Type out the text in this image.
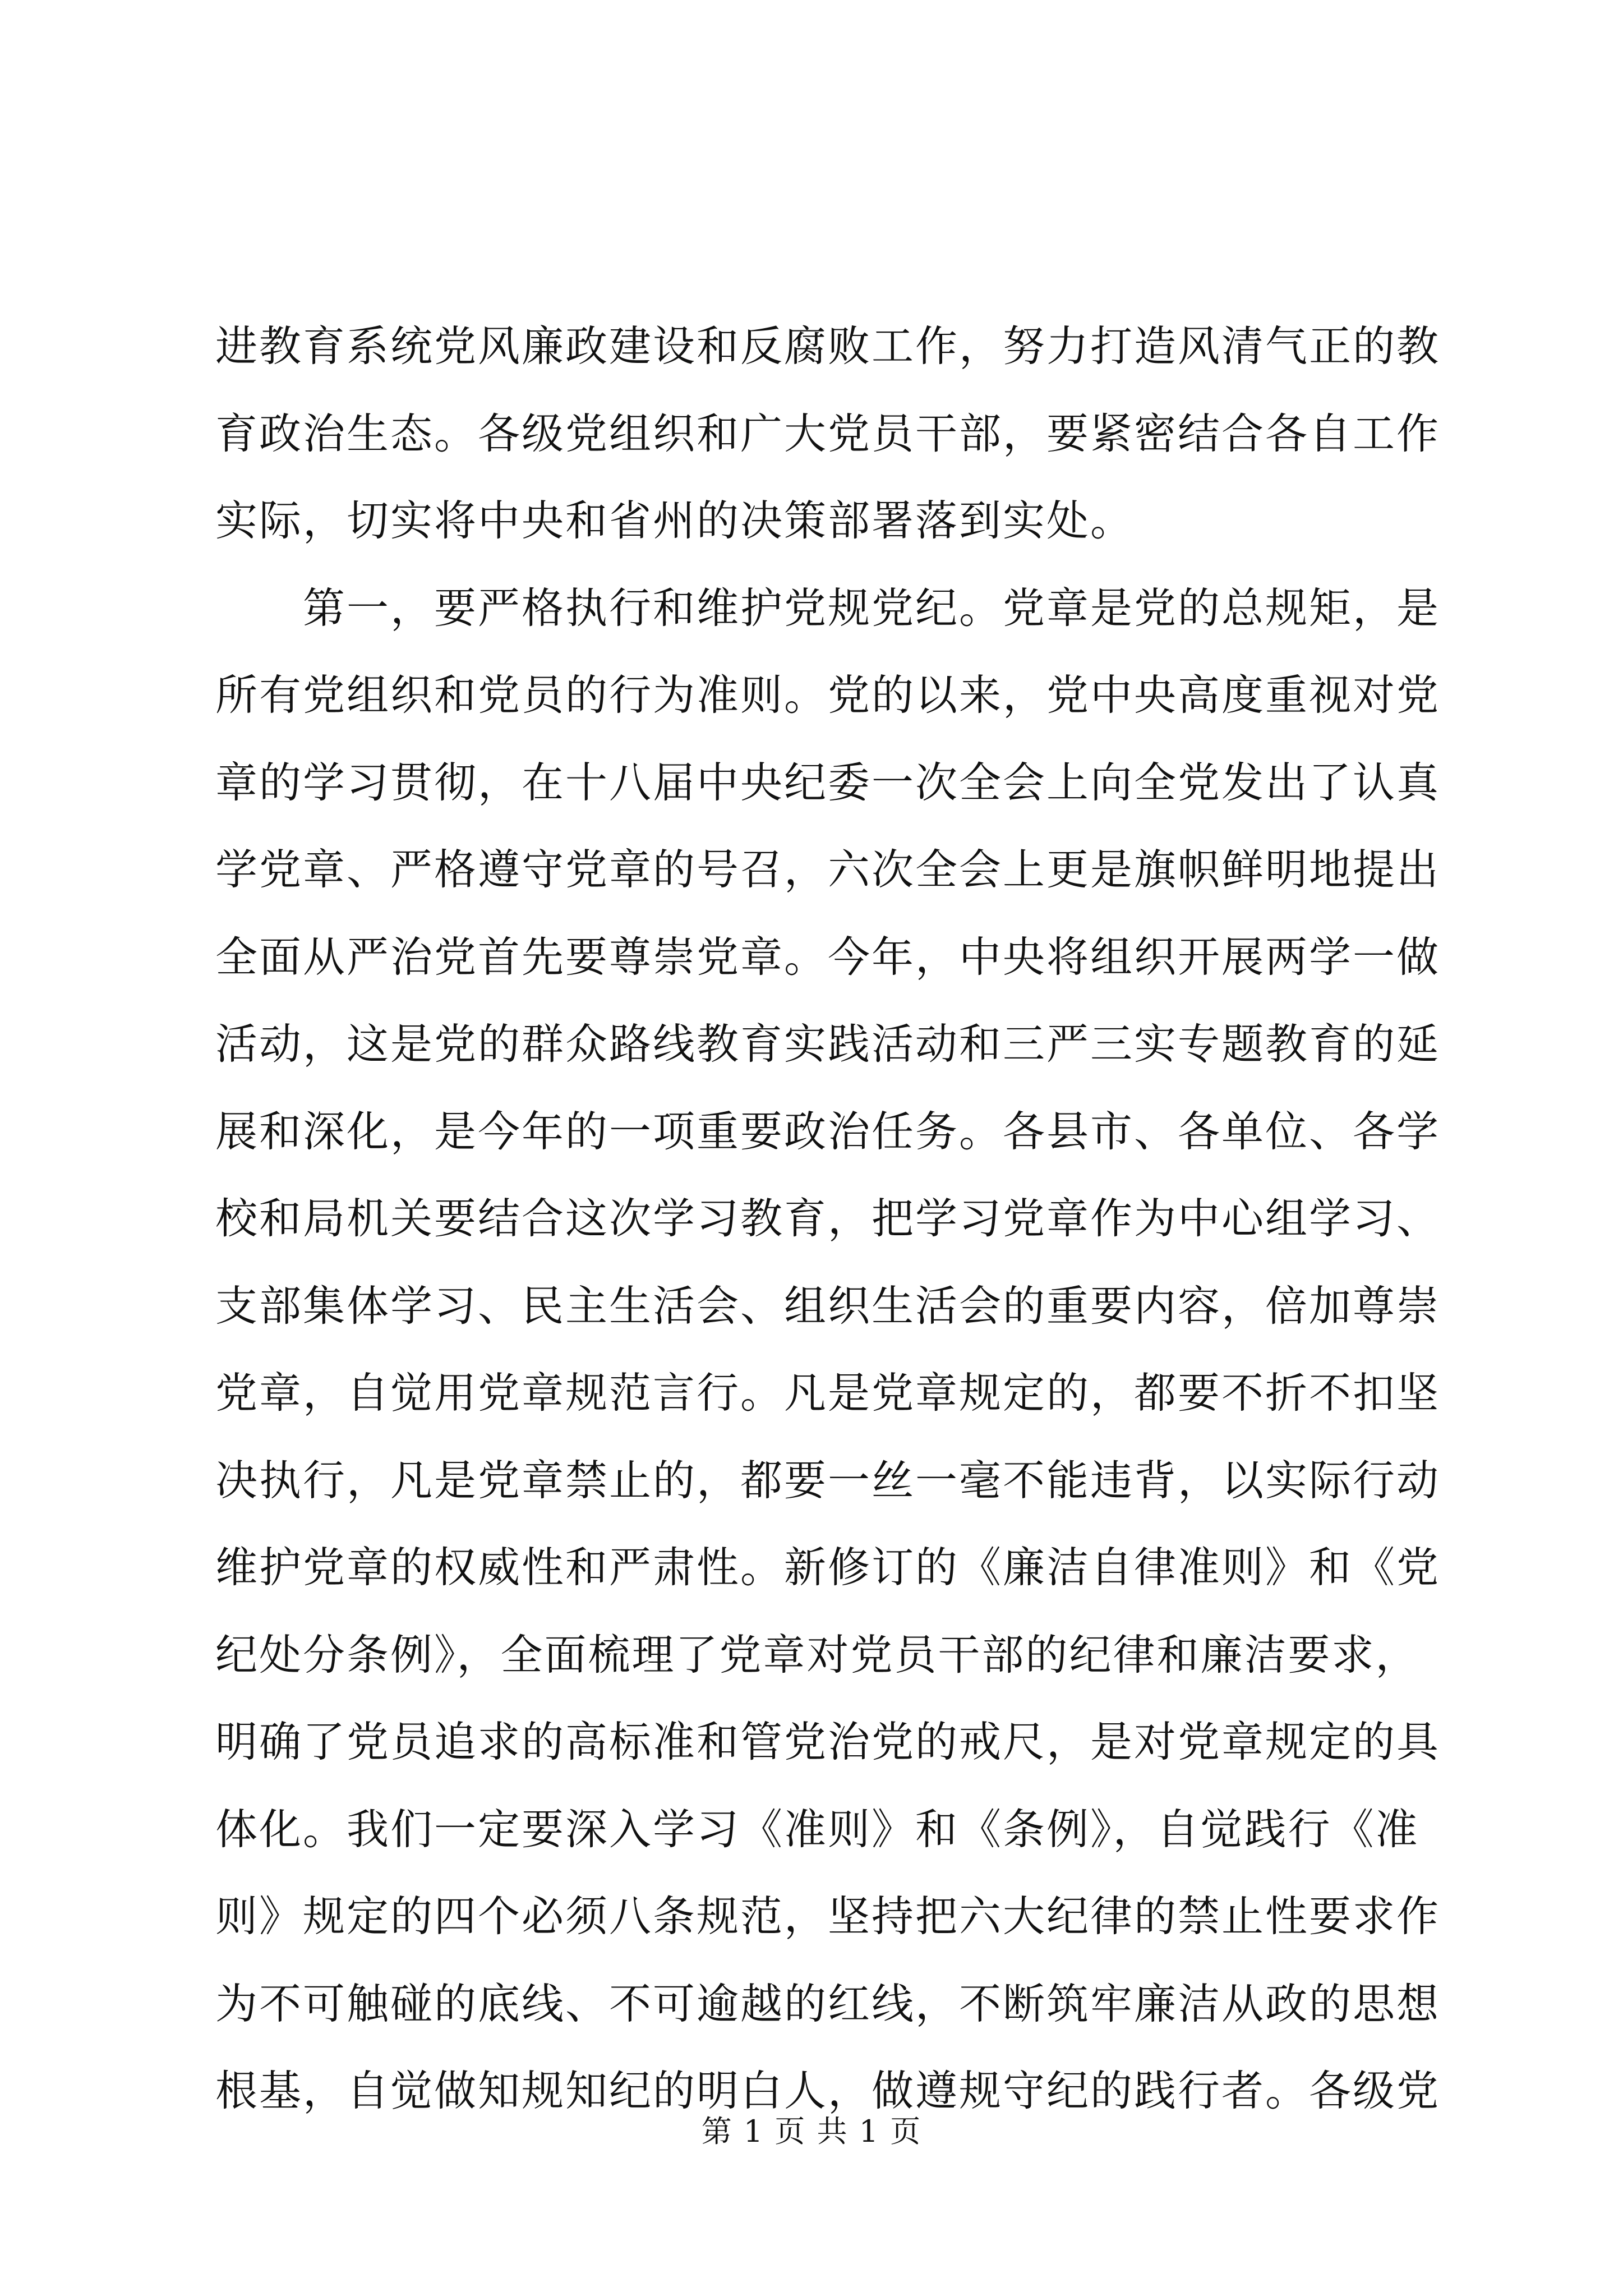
进教育系统党风廉政建设和反腐败工作，努力打造风清气正的教
育政治生态。各级党组织和广大党员干部，要紧密结合各自工作
实际，切实将中央和省州的决策部署落到实处。
　　第一，要严格执行和维护党规党纪。党章是党的总规矩，是
所有党组织和党员的行为准则。党的以来，党中央高度重视对党
章的学习贯彻，在十八届中央纪委一次全会上向全党发出了认真
学党章、严格遵守党章的号召，六次全会上更是旗帜鲜明地提出
全面从严治党首先要尊崇党章。今年，中央将组织开展两学一做
活动，这是党的群众路线教育实践活动和三严三实专题教育的延
展和深化，是今年的一项重要政治任务。各县市、各单位、各学
校和局机关要结合这次学习教育，把学习党章作为中心组学习、
支部集体学习、民主生活会、组织生活会的重要内容，倍加尊崇
党章，自觉用党章规范言行。凡是党章规定的，都要不折不扣坚
决执行，凡是党章禁止的，都要一丝一毫不能违背，以实际行动
维护党章的权威性和严肃性。新修订的《廉洁自律准则》和《党
纪处分条例》，全面梳理了党章对党员干部的纪律和廉洁要求，
明确了党员追求的高标准和管党治党的戒尺，是对党章规定的具
体化。我们一定要深入学习《准则》和《条例》，自觉践行《准
则》规定的四个必须八条规范，坚持把六大纪律的禁止性要求作
为不可触碰的底线、不可逾越的红线，不断筑牢廉洁从政的思想
根基，自觉做知规知纪的明白人，做遵规守纪的践行者。各级党
第 1 页 共 1 页
